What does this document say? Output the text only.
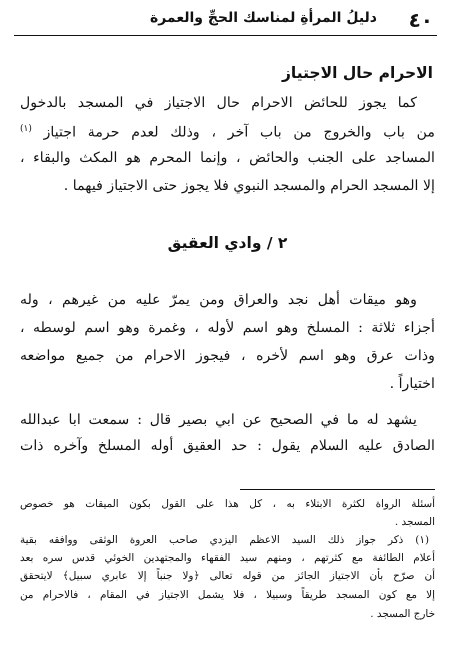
٤٠
دليلُ المرأةِ لمناسك الحجِّ والعمرة
الاحرام حال الاجتياز
كما يجوز للحائض الاحرام حال الاجتياز في المسجد بالدخول
من باب والخروج من باب آخر ، وذلك لعدم حرمة اجتياز $^{(١)}$
المساجد على الجنب والحائض ، وإنما المحرم هو المكث والبقاء ،
إلا المسجد الحرام والمسجد النبوي فلا يجوز حتى الاجتياز فيهما .
٢ / وادي العقيق
وهو ميقات أهل نجد والعراق ومن يمرّ عليه من غيرهم ، وله
أجزاء ثلاثة : المسلخ وهو اسم لأوله ، وغمرة وهو اسم لوسطه ،
وذات عرق وهو اسم لأخره ، فيجوز الاحرام من جميع مواضعه
اختياراً .
يشهد له ما في الصحيح عن ابي بصير قال : سمعت ابا عبدالله
الصادق عليه السلام يقول : حد العقيق أوله المسلخ وآخره ذات
أسئلة الرواة لكثرة الابتلاء به ، كل هذا على القول بكون الميقات هو خصوص
المسجد .
(١) ذكر جواز ذلك السيد الاعظم اليزدي صاحب العروة الوثقى ووافقه بقية
أعلام الطائفة مع كثرتهم ، ومنهم سيد الفقهاء والمجتهدين الخوئي قدس سره بعد
أن صرّح بأن الاجتياز الجائز من قوله تعالى ﴿ولا جنباً إلا عابري سبيل﴾ لايتحقق
إلا مع كون المسجد طريقاً وسبيلا ، فلا يشمل الاجتياز في المقام ، فالاحرام من
خارج المسجد .
